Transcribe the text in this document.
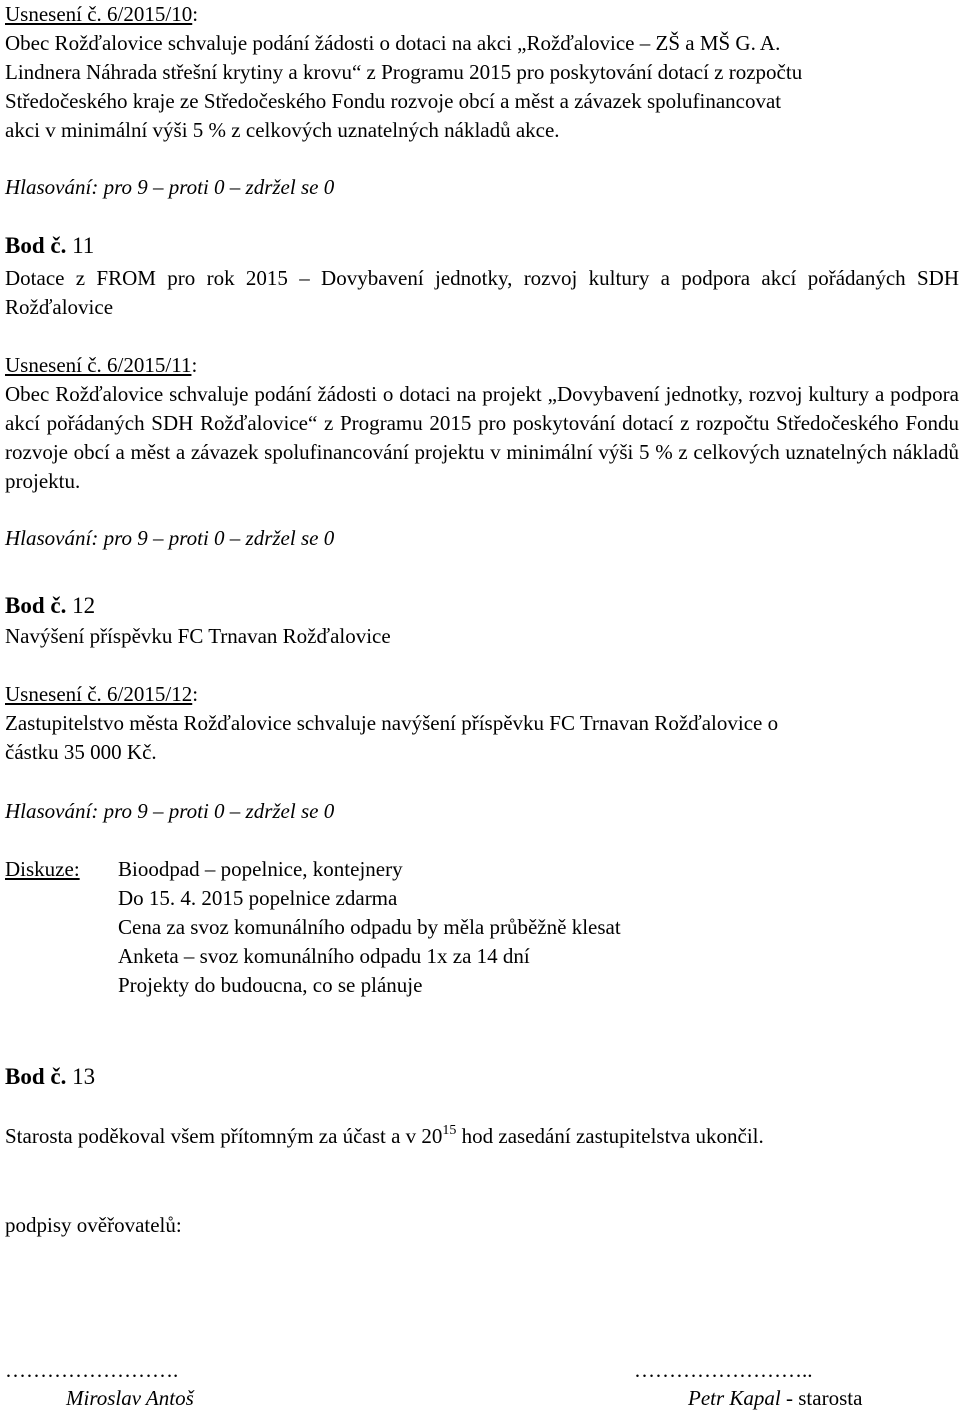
Usnesení č. 6/2015/10:

Obec Rožďalovice schvaluje podání žádosti o dotaci na akci „Rožďalovice – ZŠ a MŠ G. A.

Lindnera Náhrada střešní krytiny a krovu“ z Programu 2015 pro poskytování dotací z rozpočtu

Středočeského kraje ze Středočeského Fondu rozvoje obcí a měst a závazek spolufinancovat

akci v minimální výši 5 % z celkových uznatelných nákladů akce.

Hlasování: pro 9 – proti 0 – zdržel se 0
Bod č. 11
Dotace z FROM pro rok 2015 – Dovybavení jednotky, rozvoj kultury a podpora akcí pořádaných SDH Rožďalovice

Usnesení č. 6/2015/11:

Obec Rožďalovice schvaluje podání žádosti o dotaci na projekt „Dovybavení jednotky, rozvoj kultury a podpora akcí pořádaných SDH Rožďalovice“ z Programu 2015 pro poskytování dotací z rozpočtu Středočeského Fondu rozvoje obcí a měst a závazek spolufinancování projektu v minimální výši 5 % z celkových uznatelných nákladů projektu.

Hlasování: pro 9 – proti 0 – zdržel se 0
Bod č. 12
Navýšení příspěvku FC Trnavan Rožďalovice

Usnesení č. 6/2015/12:

Zastupitelstvo města Rožďalovice schvaluje navýšení příspěvku FC Trnavan Rožďalovice o

částku 35 000 Kč.

Hlasování: pro 9 – proti 0 – zdržel se 0
Diskuze:	Bioodpad – popelnice, kontejnery
Do 15. 4. 2015 popelnice zdarma
Cena za svoz komunálního odpadu by měla průběžně klesat
Anketa – svoz komunálního odpadu 1x za 14 dní
Projekty do budoucna, co se plánuje
Bod č. 13
Starosta poděkoval všem přítomným za účast a v $20^{15}$ hod zasedání zastupitelstva ukončil.
podpisy ověřovatelů:
…………………….
Miroslav Antoš
……………………..
Petr Kapal - starosta
